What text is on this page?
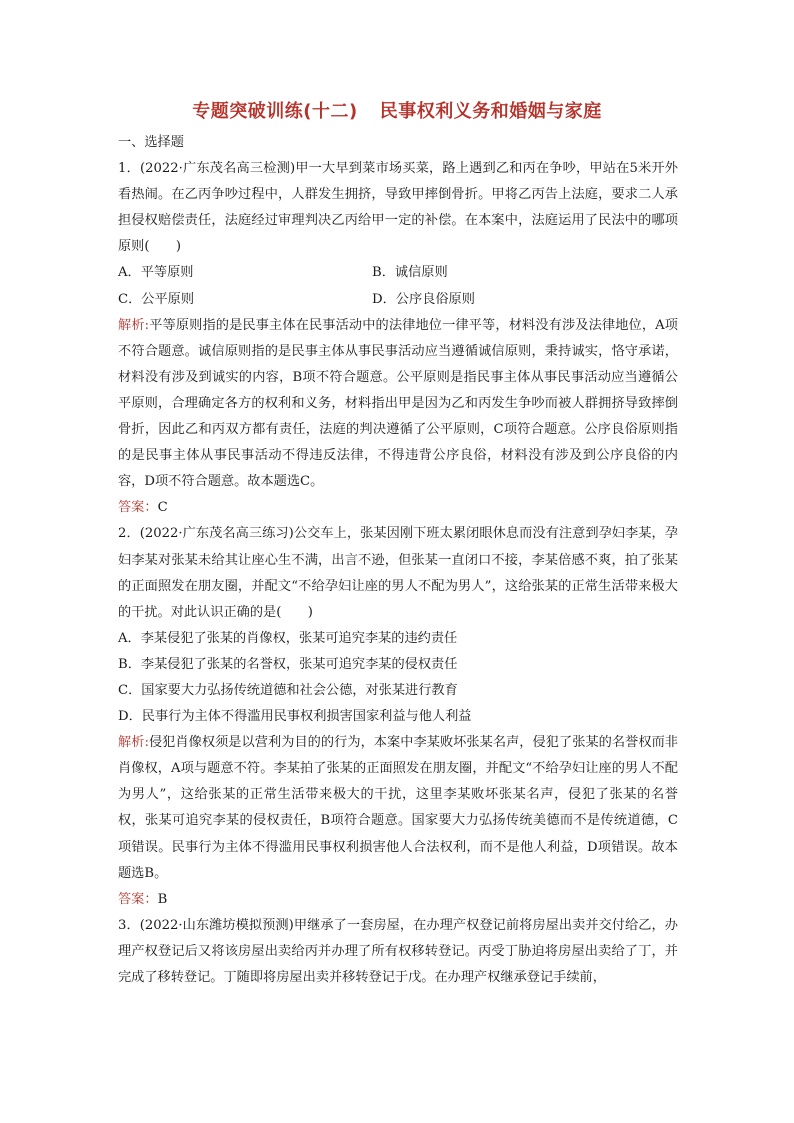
专题突破训练(十二) 民事权利义务和婚姻与家庭

一、选择题

1．(2022·广东茂名高三检测)甲一大早到菜市场买菜，路上遇到乙和丙在争吵，甲站在5米开外看热闹。在乙丙争吵过程中，人群发生拥挤，导致甲摔倒骨折。甲将乙丙告上法庭，要求二人承担侵权赔偿责任，法庭经过审理判决乙丙给甲一定的补偿。在本案中，法庭运用了民法中的哪项原则(　　)

A．平等原则	B．诚信原则
C．公平原则	D．公序良俗原则

解析:平等原则指的是民事主体在民事活动中的法律地位一律平等，材料没有涉及法律地位，A项不符合题意。诚信原则指的是民事主体从事民事活动应当遵循诚信原则，秉持诚实，恪守承诺，材料没有涉及到诚实的内容，B项不符合题意。公平原则是指民事主体从事民事活动应当遵循公平原则，合理确定各方的权利和义务，材料指出甲是因为乙和丙发生争吵而被人群拥挤导致摔倒骨折，因此乙和丙双方都有责任，法庭的判决遵循了公平原则，C项符合题意。公序良俗原则指的是民事主体从事民事活动不得违反法律，不得违背公序良俗，材料没有涉及到公序良俗的内容，D项不符合题意。故本题选C。

答案：C

2．(2022·广东茂名高三练习)公交车上，张某因刚下班太累闭眼休息而没有注意到孕妇李某，孕妇李某对张某未给其让座心生不满，出言不逊，但张某一直闭口不接，李某倍感不爽，拍了张某的正面照发在朋友圈，并配文“不给孕妇让座的男人不配为男人”，这给张某的正常生活带来极大的干扰。对此认识正确的是(　　)

A．李某侵犯了张某的肖像权，张某可追究李某的违约责任

B．李某侵犯了张某的名誉权，张某可追究李某的侵权责任

C．国家要大力弘扬传统道德和社会公德，对张某进行教育

D．民事行为主体不得滥用民事权利损害国家利益与他人利益

解析:侵犯肖像权须是以营利为目的的行为，本案中李某败坏张某名声，侵犯了张某的名誉权而非肖像权，A项与题意不符。李某拍了张某的正面照发在朋友圈，并配文“不给孕妇让座的男人不配为男人”，这给张某的正常生活带来极大的干扰，这里李某败坏张某名声，侵犯了张某的名誉权，张某可追究李某的侵权责任，B项符合题意。国家要大力弘扬传统美德而不是传统道德，C项错误。民事行为主体不得滥用民事权利损害他人合法权利，而不是他人利益，D项错误。故本题选B。

答案：B

3．(2022·山东潍坊模拟预测)甲继承了一套房屋，在办理产权登记前将房屋出卖并交付给乙，办理产权登记后又将该房屋出卖给丙并办理了所有权移转登记。丙受丁胁迫将房屋出卖给了丁，并完成了移转登记。丁随即将房屋出卖并移转登记于戊。在办理产权继承登记手续前，
